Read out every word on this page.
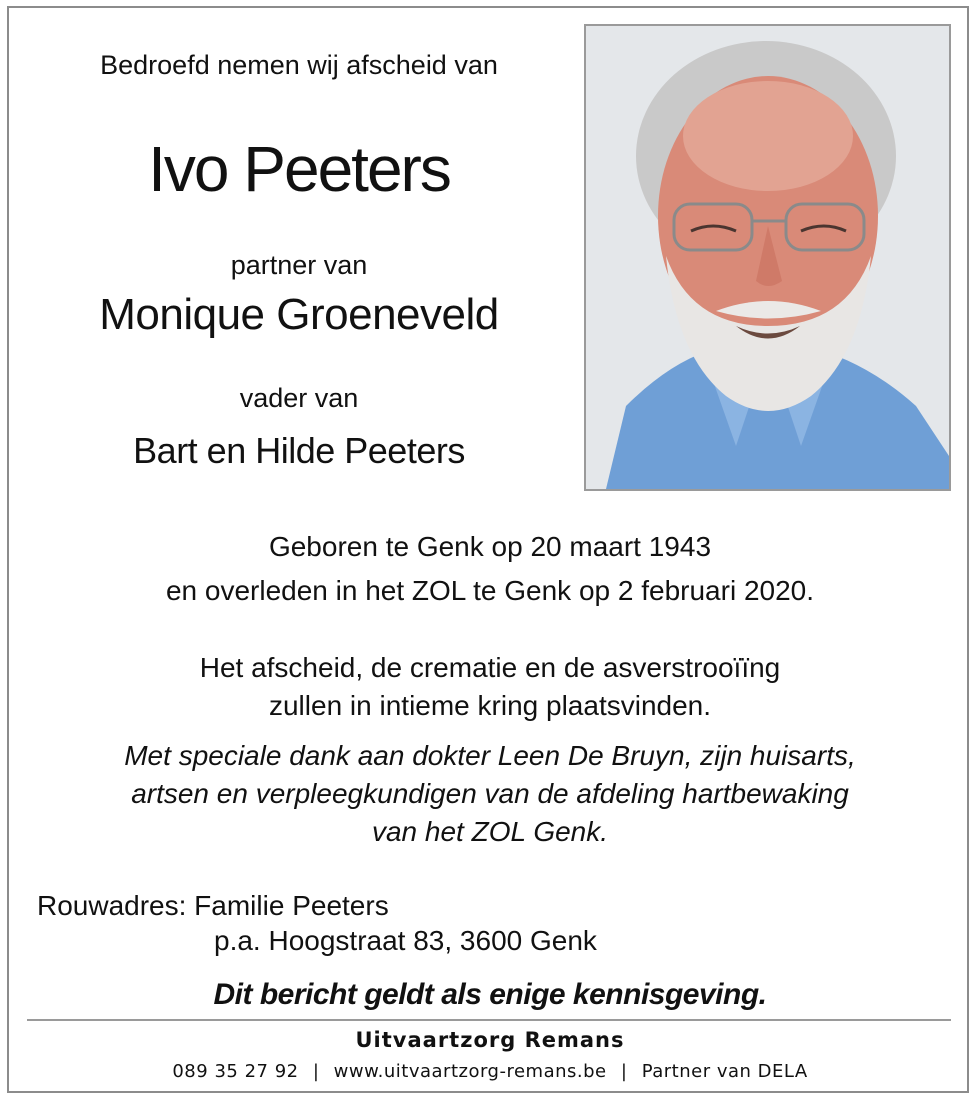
Bedroefd nemen wij afscheid van
Ivo Peeters
partner van
Monique Groeneveld
vader van
Bart en Hilde Peeters
Geboren te Genk op 20 maart 1943
en overleden in het ZOL te Genk op 2 februari 2020.
Het afscheid, de crematie en de asverstrooïïng
zullen in intieme kring plaatsvinden.
Met speciale dank aan dokter Leen De Bruyn, zijn huisarts,
artsen en verpleegkundigen van de afdeling hartbewaking
van het ZOL Genk.
Rouwadres: Familie Peeters
p.a. Hoogstraat 83, 3600 Genk
Dit bericht geldt als enige kennisgeving.
Uitvaartzorg Remans
089 35 27 92 | www.uitvaartzorg-remans.be | Partner van DELA
